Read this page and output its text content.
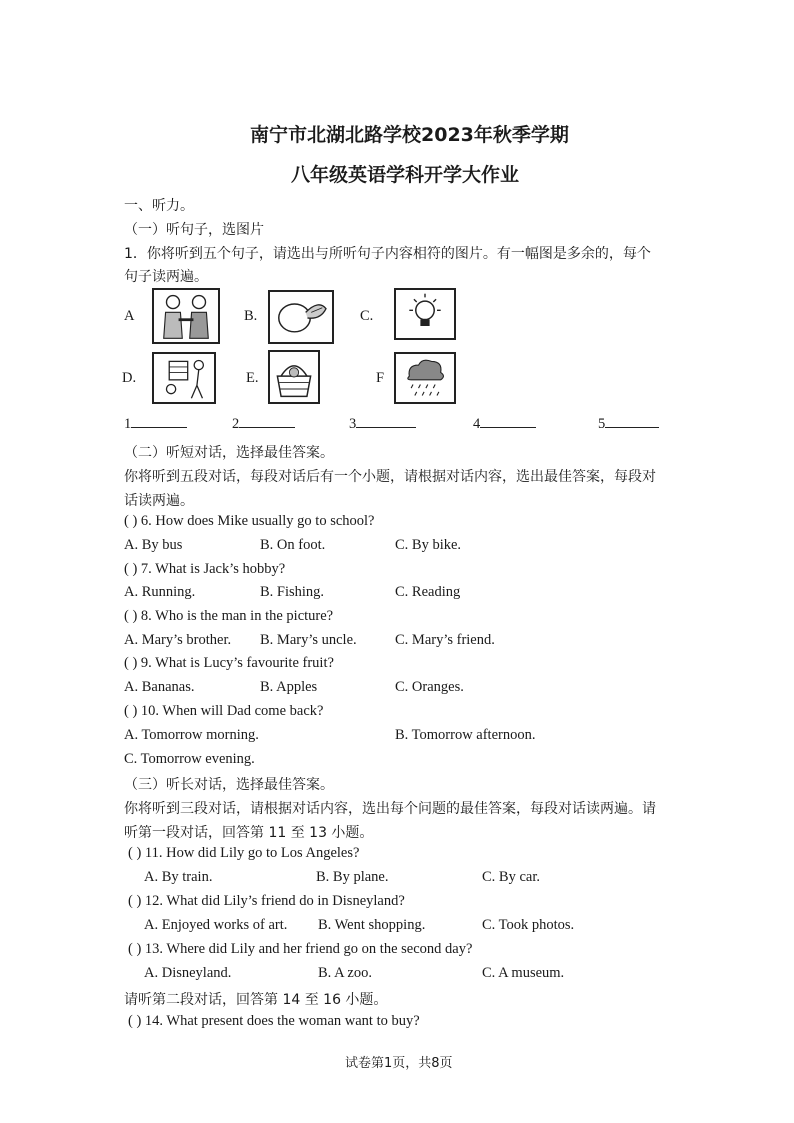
南宁市北湖北路学校2023年秋季学期
八年级英语学科开学大作业
一、听力。
（一）听句子，选图片
1．你将听到五个句子，请选出与所听句子内容相符的图片。有一幅图是多余的，每个
句子读两遍。
A	B.	C.
D.	E.	F
1	2	3	4	5
（二）听短对话，选择最佳答案。
你将听到五段对话，每段对话后有一个小题，请根据对话内容，选出最佳答案，每段对
话读两遍。
( ) 6. How does Mike usually go to school?
A. By bus	B. On foot.	C. By bike.
( ) 7. What is Jack’s hobby?
A. Running.	B. Fishing.	C. Reading
( ) 8. Who is the man in the picture?
A. Mary’s brother. B. Mary’s uncle.	C. Mary’s friend.
( ) 9. What is Lucy’s favourite fruit?
A. Bananas.	B. Apples	C. Oranges.
( ) 10. When will Dad come back?
A. Tomorrow morning.	B. Tomorrow afternoon.
C. Tomorrow evening.
（三）听长对话，选择最佳答案。
你将听到三段对话，请根据对话内容，选出每个问题的最佳答案，每段对话读两遍。请
听第一段对话，回答第 11 至 13 小题。
( ) 11. How did Lily go to Los Angeles?
A. By train.	B. By plane.	C. By car.
( ) 12. What did Lily’s friend do in Disneyland?
A. Enjoyed works of art. B. Went shopping.	C. Took photos.
( ) 13. Where did Lily and her friend go on the second day?
A. Disneyland.	B. A zoo.	C. A museum.
请听第二段对话，回答第 14 至 16 小题。
( ) 14. What present does the woman want to buy?
试卷第1页，共8页
